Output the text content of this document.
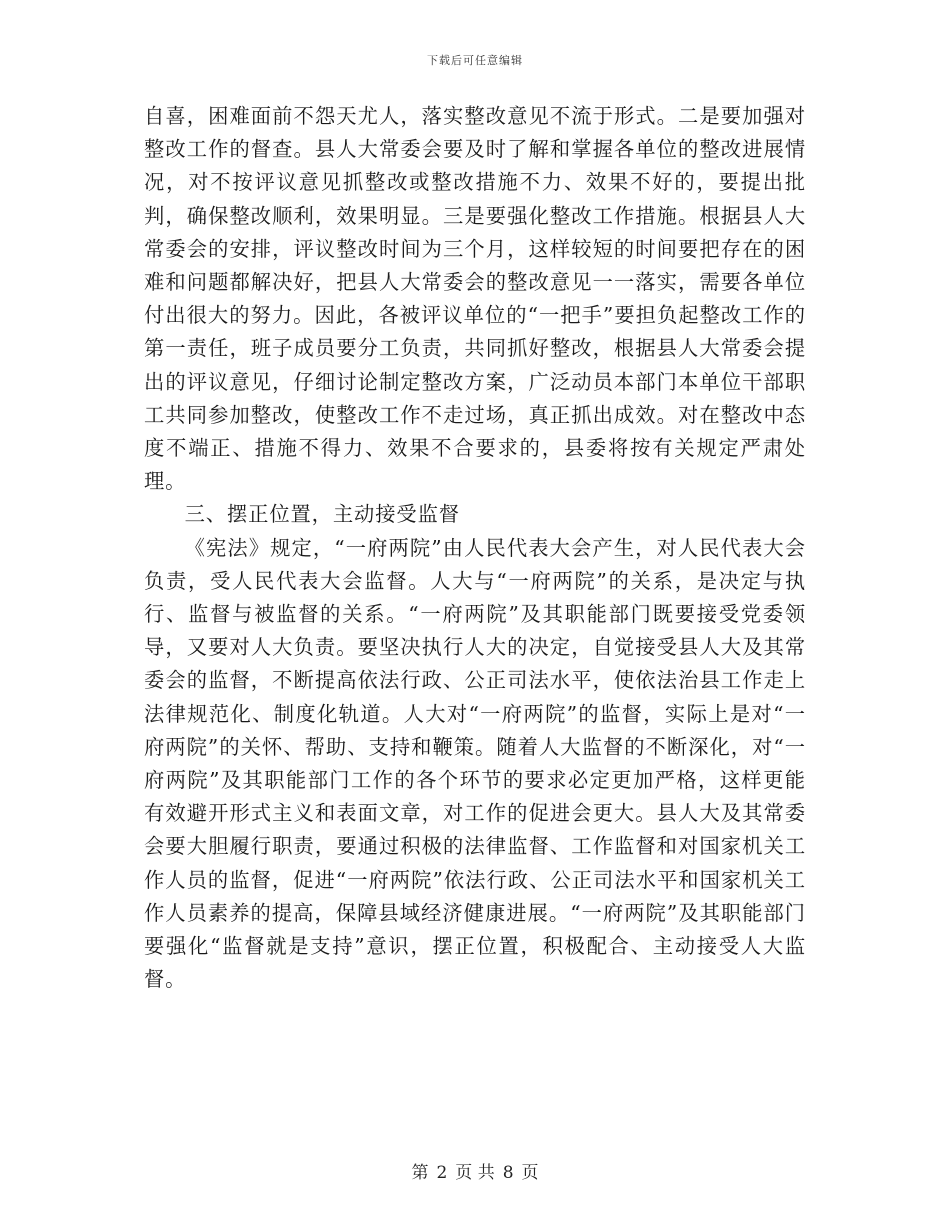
下载后可任意编辑

自喜，困难面前不怨天尤人，落实整改意见不流于形式。二是要加强对整改工作的督查。县人大常委会要及时了解和掌握各单位的整改进展情况，对不按评议意见抓整改或整改措施不力、效果不好的，要提出批判，确保整改顺利，效果明显。三是要强化整改工作措施。根据县人大常委会的安排，评议整改时间为三个月，这样较短的时间要把存在的困难和问题都解决好，把县人大常委会的整改意见一一落实，需要各单位付出很大的努力。因此，各被评议单位的“一把手”要担负起整改工作的第一责任，班子成员要分工负责，共同抓好整改，根据县人大常委会提出的评议意见，仔细讨论制定整改方案，广泛动员本部门本单位干部职工共同参加整改，使整改工作不走过场，真正抓出成效。对在整改中态度不端正、措施不得力、效果不合要求的，县委将按有关规定严肃处理。

三、摆正位置，主动接受监督

《宪法》规定，“一府两院”由人民代表大会产生，对人民代表大会负责，受人民代表大会监督。人大与“一府两院”的关系，是决定与执行、监督与被监督的关系。“一府两院”及其职能部门既要接受党委领导，又要对人大负责。要坚决执行人大的决定，自觉接受县人大及其常委会的监督，不断提高依法行政、公正司法水平，使依法治县工作走上法律规范化、制度化轨道。人大对“一府两院”的监督，实际上是对“一府两院”的关怀、帮助、支持和鞭策。随着人大监督的不断深化，对“一府两院”及其职能部门工作的各个环节的要求必定更加严格，这样更能有效避开形式主义和表面文章，对工作的促进会更大。县人大及其常委会要大胆履行职责，要通过积极的法律监督、工作监督和对国家机关工作人员的监督，促进“一府两院”依法行政、公正司法水平和国家机关工作人员素养的提高，保障县域经济健康进展。“一府两院”及其职能部门要强化“监督就是支持”意识，摆正位置，积极配合、主动接受人大监督。

第 2 页 共 8 页
